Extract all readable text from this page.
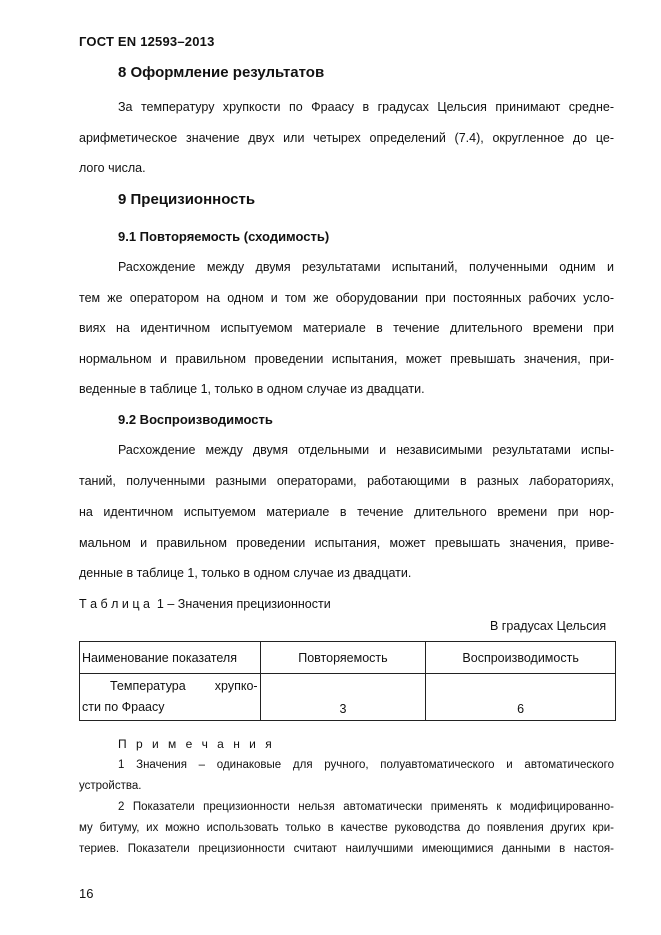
ГОСТ EN 12593–2013
8 Оформление результатов
За температуру хрупкости по Фраасу в градусах Цельсия принимают средне-
арифметическое значение двух или четырех определений (7.4), округленное до це-
лого числа.
9 Прецизионность
9.1 Повторяемость (сходимость)
Расхождение между двумя результатами испытаний, полученными одним и
тем же оператором на одном и том же оборудовании при постоянных рабочих усло-
виях на идентичном испытуемом материале в течение длительного времени при
нормальном и правильном проведении испытания, может превышать значения, при-
веденные в таблице 1, только в одном случае из двадцати.
9.2 Воспроизводимость
Расхождение между двумя отдельными и независимыми результатами испы-
таний, полученными разными операторами, работающими в разных лабораториях,
на идентичном испытуемом материале в течение длительного времени при нор-
мальном и правильном проведении испытания, может превышать значения, приве-
денные в таблице 1, только в одном случае из двадцати.
Т а б л и ц а  1 – Значения прецизионности
В градусах Цельсия
Наименование показателя	Повторяемость	Воспроизводимость

Температура хрупко-
сти по Фраасу	3	6
П р и м е ч а н и я
1 Значения – одинаковые для ручного, полуавтоматического и автоматического
устройства.
2 Показатели прецизионности нельзя автоматически применять к модифицированно-
му битуму, их можно использовать только в качестве руководства до появления других кри-
териев. Показатели прецизионности считают наилучшими имеющимися данными в настоя-
16
